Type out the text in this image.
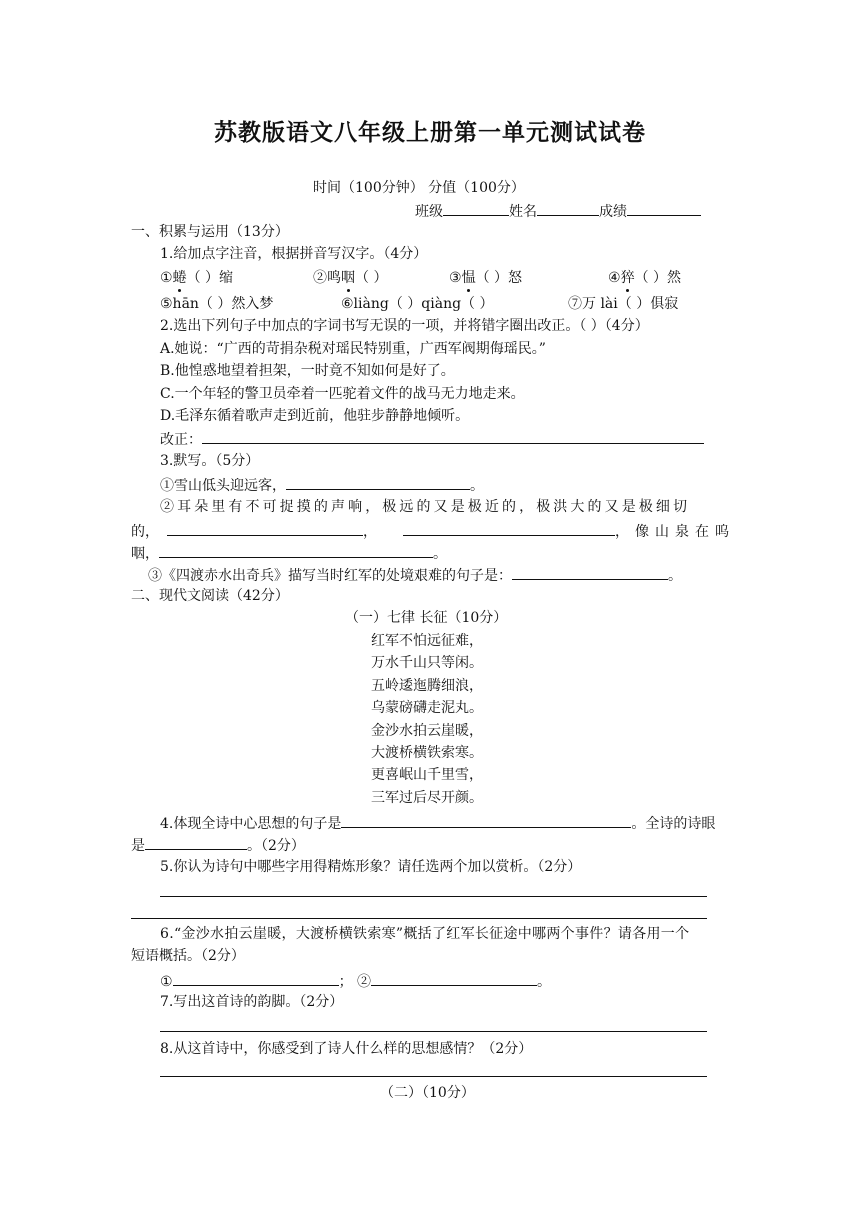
苏教版语文八年级上册第一单元测试试卷
时间（100分钟） 分值（100分）
班级	姓名	成绩
一、积累与运用（13分）
1.给加点字注音，根据拼音写汉字。（4分）
①蜷（ ）缩	②鸣咽（ ）	③愠（ ）怒	④猝（ ）然
⑤hān（ ）然入梦	⑥liàng（ ）qiàng（ ）	⑦万 lài（ ）俱寂
2.选出下列句子中加点的字词书写无误的一项，并将错字圈出改正。（ ）（4分）
A.她说：“广西的苛捐杂税对瑶民特别重，广西军阀期侮瑶民。”
B.他惶惑地望着担架，一时竟不知如何是好了。
C.一个年轻的警卫员牵着一匹驼着文件的战马无力地走来。
D.毛泽东循着歌声走到近前，他驻步静静地倾听。
改正：
3.默写。（5分）
①雪山低头迎远客，	。
②耳朵里有不可捉摸的声响，极远的又是极近的，极洪大的又是极细切
的，	，	，像山泉在呜
咽，	。
③《四渡赤水出奇兵》描写当时红军的处境艰难的句子是：	。
二、现代文阅读（42分）
（一）七律 长征（10分）
红军不怕远征难，
万水千山只等闲。
五岭逶迤腾细浪，
乌蒙磅礴走泥丸。
金沙水拍云崖暖，
大渡桥横铁索寒。
更喜岷山千里雪，
三军过后尽开颜。
4.体现全诗中心思想的句子是	。全诗的诗眼
是	。（2分）
5.你认为诗句中哪些字用得精炼形象？请任选两个加以赏析。（2分）
6.“金沙水拍云崖暖，大渡桥横铁索寒”概括了红军长征途中哪两个事件？请各用一个
短语概括。（2分）
①	； ②	。
7.写出这首诗的韵脚。（2分）
8.从这首诗中，你感受到了诗人什么样的思想感情？（2分）
（二）（10分）
